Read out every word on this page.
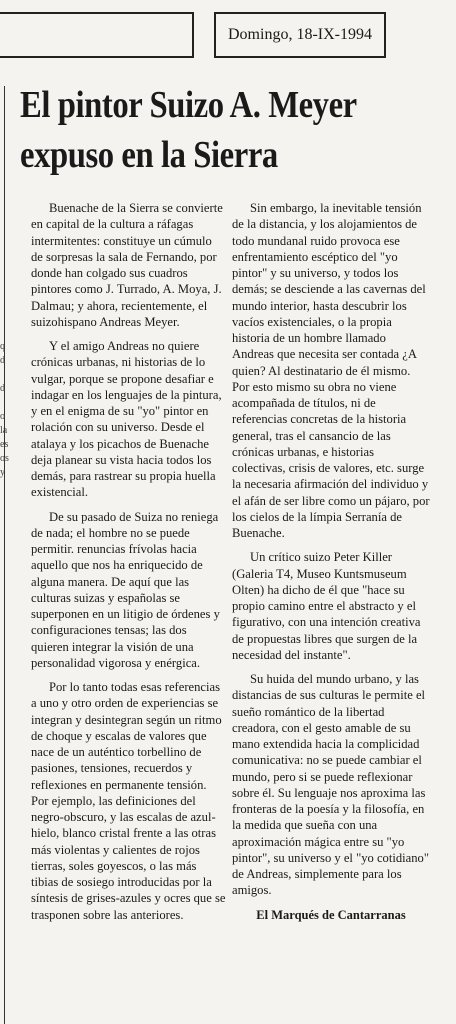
Domingo, 18-IX-1994
q
d

d

o
la
es
os
y
El pintor Suizo A. Meyer
expuso en la Sierra

Buenache de la Sierra se convierte en capital de la cultura a ráfagas intermitentes: constituye un cúmulo de sorpresas la sala de Fernando, por donde han colgado sus cuadros pintores como J. Turrado, A. Moya, J. Dalmau; y ahora, recientemente, el suizohispano Andreas Meyer.

Y el amigo Andreas no quiere crónicas urbanas, ni historias de lo vulgar, porque se propone desafiar e indagar en los lenguajes de la pintura, y en el enigma de su "yo" pintor en rolación con su universo. Desde el atalaya y los picachos de Buenache deja planear su vista hacia todos los demás, para rastrear su propia huella existencial.

De su pasado de Suiza no reniega de nada; el hombre no se puede permitir. renuncias frívolas hacia aquello que nos ha enriquecido de alguna manera. De aquí que las culturas suizas y españolas se superponen en un litigio de órdenes y configuraciones tensas; las dos quieren integrar la visión de una personalidad vigorosa y enérgica.

Por lo tanto todas esas referencias a uno y otro orden de experiencias se integran y desintegran según un ritmo de choque y escalas de valores que nace de un auténtico torbellino de pasiones, tensiones, recuerdos y reflexiones en permanente tensión. Por ejemplo, las definiciones del negro-obscuro, y las escalas de azul-hielo, blanco cristal frente a las otras más violentas y calientes de rojos tierras, soles goyescos, o las más tibias de sosiego introducidas por la síntesis de grises-azules y ocres que se trasponen sobre las anteriores.

Sin embargo, la inevitable tensión de la distancia, y los alojamientos de todo mundanal ruido provoca ese enfrentamiento escéptico del "yo pintor" y su universo, y todos los demás; se desciende a las cavernas del mundo interior, hasta descubrir los vacíos existenciales, o la propia historia de un hombre llamado Andreas que necesita ser contada ¿A quien? Al destinatario de él mismo. Por esto mismo su obra no viene acompañada de títulos, ni de referencias concretas de la historia general, tras el cansancio de las crónicas urbanas, e historias colectivas, crisis de valores, etc. surge la necesaria afirmación del individuo y el afán de ser libre como un pájaro, por los cielos de la límpia Serranía de Buenache.

Un crítico suizo Peter Killer (Galeria T4, Museo Kuntsmuseum Olten) ha dicho de él que "hace su propio camino entre el abstracto y el figurativo, con una intención creativa de propuestas libres que surgen de la necesidad del instante".

Su huida del mundo urbano, y las distancias de sus culturas le permite el sueño romántico de la libertad creadora, con el gesto amable de su mano extendida hacia la complicidad comunicativa: no se puede cambiar el mundo, pero si se puede reflexionar sobre él. Su lenguaje nos aproxima las fronteras de la poesía y la filosofía, en la medida que sueña con una aproximación mágica entre su "yo pintor", su universo y el "yo cotidiano" de Andreas, simplemente para los amigos.

El Marqués de Cantarranas
